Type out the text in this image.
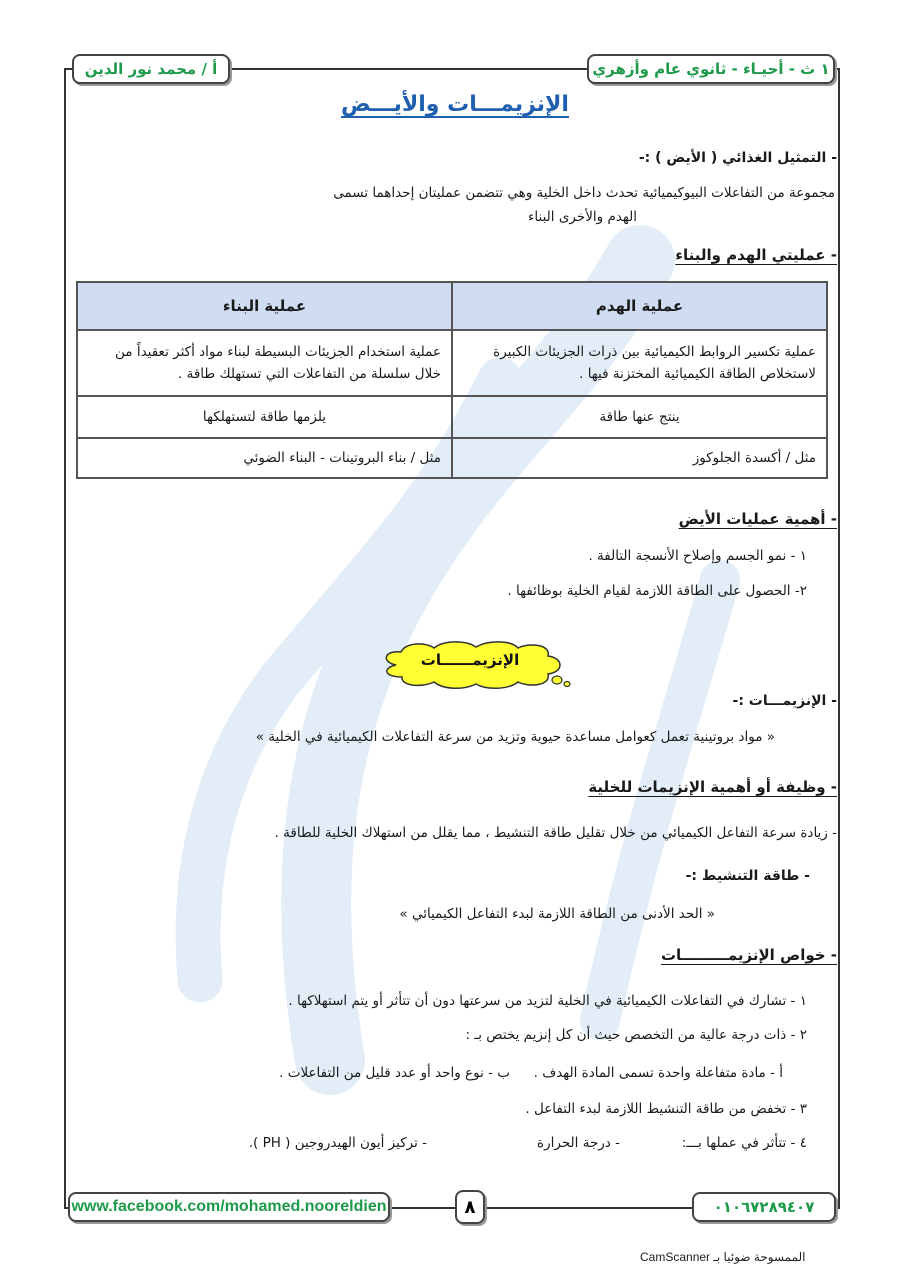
١ ث - أحيـاء - ثانوي عام وأزهري
أ / محمد نور الدين
الإنزيمـــات والأيـــض
- التمثيل الغذائي ( الأيض ) :-
مجموعة من التفاعلات البيوكيميائية تحدث داخل الخلية وهي تتضمن عمليتان إحداهما تسمى
الهدم والأخرى البناء
- عمليتي الهدم والبناء
عملية الهدم	عملية البناء
عملية تكسير الروابط الكيميائية بين ذرات الجزيئات الكبيرة لاستخلاص الطاقة الكيميائية المختزنة فيها .	عملية استخدام الجزيئات البسيطة لبناء مواد أكثر تعقيداً من خلال سلسلة من التفاعلات التي تستهلك طاقة .
ينتج عنها طاقة	يلزمها طاقة لتستهلكها
مثل / أكسدة الجلوكوز	مثل / بناء البروتينات - البناء الضوئي
- أهمية عمليات الأيض
١ - نمو الجسم وإصلاح الأنسجة التالفة .
٢- الحصول على الطاقة اللازمة لقيام الخلية بوظائفها .
الإنزيمــــــات
- الإنزيمـــات :-
« مواد بروتينية تعمل كعوامل مساعدة حيوية وتزيد من سرعة التفاعلات الكيميائية في الخلية »
- وظيفة أو أهمية الإنزيمات للخلية
- زيادة سرعة التفاعل الكيميائي من خلال تقليل طاقة التنشيط ، مما يقلل من استهلاك الخلية للطاقة .
- طاقة التنشيط :-
« الحد الأدنى من الطاقة اللازمة لبدء التفاعل الكيميائي »
- خواص الإنزيمـــــــــات
١ - تشارك في التفاعلات الكيميائية في الخلية لتزيد من سرعتها دون أن تتأثر أو يتم استهلاكها .
٢ - ذات درجة عالية من التخصص حيث أن كل إنزيم يختص بـ :
أ - مادة متفاعلة واحدة تسمى المادة الهدف .
ب - نوع واحد أو عدد قليل من التفاعلات .
٣ - تخفض من طاقة التنشيط اللازمة لبدء التفاعل .
٤ - تتأثر في عملها بـــ:
- درجة الحرارة
- تركيز أيون الهيدروجين ( PH ).
www.facebook.com/mohamed.nooreldien	٨	٠١٠٦٧٢٨٩٤٠٧
الممسوحة ضوئيا بـ CamScanner
